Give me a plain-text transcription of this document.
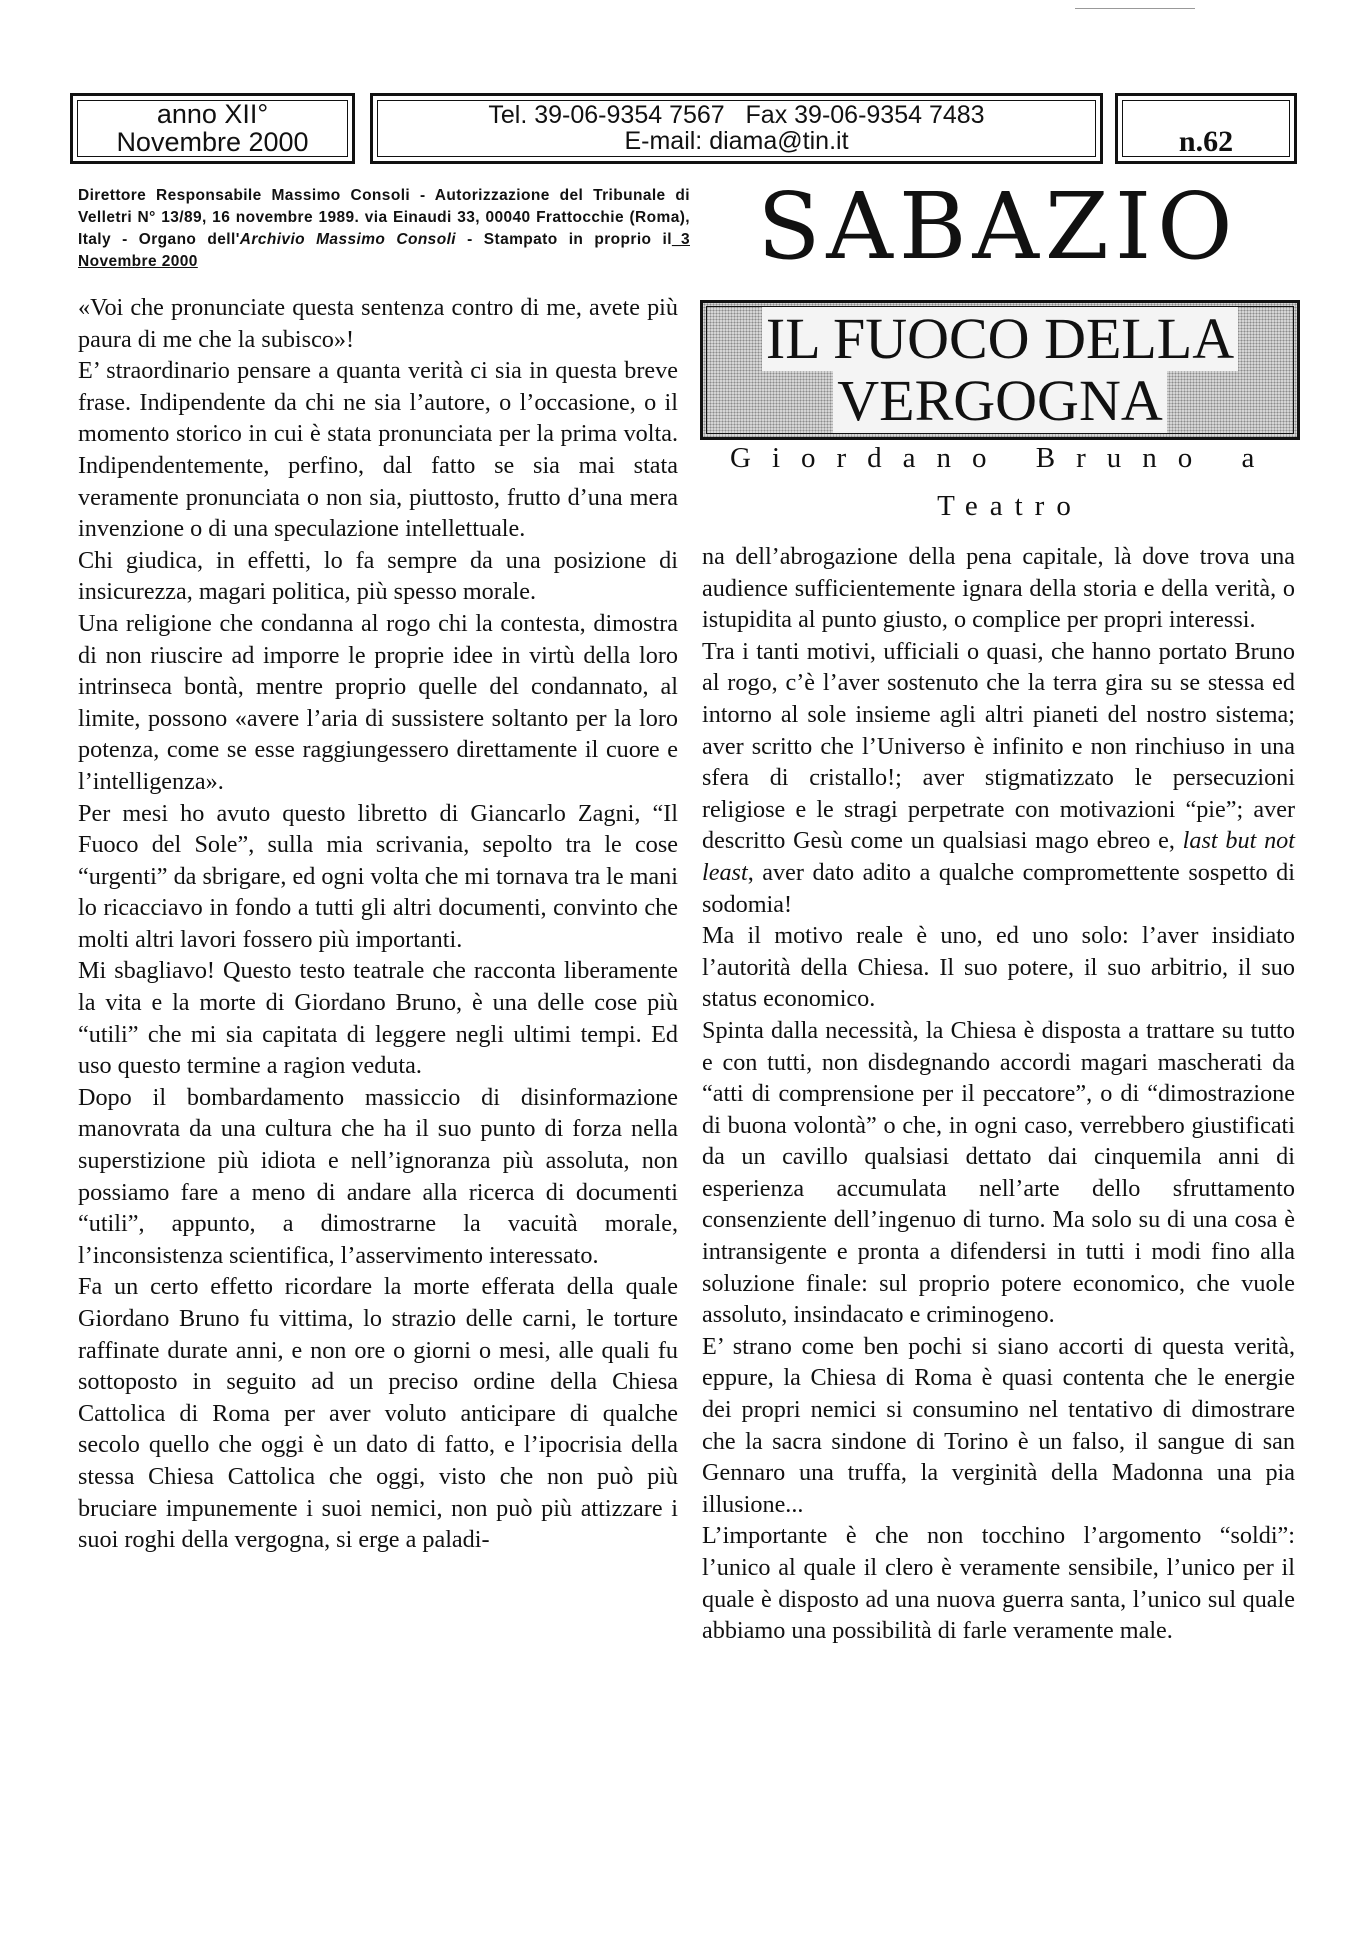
anno XII°
Novembre 2000
Tel. 39-06-9354 7567   Fax 39-06-9354 7483
E-mail: diama@tin.it	n.62
Direttore Responsabile Massimo Consoli - Autorizzazione del Tribunale di Velletri N° 13/89, 16 novembre 1989. via Einaudi 33, 00040 Frattocchie (Roma), Italy - Organo dell'Archivio Massimo Consoli - Stampato in proprio il_3 Novembre 2000	SABAZIO
IL FUOCO DELLA
VERGOGNA
Giordano Bruno a
Teatro

«Voi che pronunciate questa sentenza contro di me, avete più paura di me che la subisco»!

E’ straordinario pensare a quanta verità ci sia in questa breve frase. Indipendente da chi ne sia l’autore, o l’occasione, o il momento storico in cui è stata pronunciata per la prima volta. Indipendentemente, perfino, dal fatto se sia mai stata veramente pronunciata o non sia, piuttosto, frutto d’una mera invenzione o di una speculazione intellettuale.

Chi giudica, in effetti, lo fa sempre da una posizione di insicurezza, magari politica, più spesso morale.

Una religione che condanna al rogo chi la contesta, dimostra di non riuscire ad imporre le proprie idee in virtù della loro intrinseca bontà, mentre proprio quelle del condannato, al limite, possono «avere l’aria di sussistere soltanto per la loro potenza, come se esse raggiungessero direttamente il cuore e l’intelligenza».

Per mesi ho avuto questo libretto di Giancarlo Zagni, “Il Fuoco del Sole”, sulla mia scrivania, sepolto tra le cose “urgenti” da sbrigare, ed ogni volta che mi tornava tra le mani lo ricacciavo in fondo a tutti gli altri documenti, convinto che molti altri lavori fossero più importanti.

Mi sbagliavo! Questo testo teatrale che racconta liberamente la vita e la morte di Giordano Bruno, è una delle cose più “utili” che mi sia capitata di leggere negli ultimi tempi. Ed uso questo termine a ragion veduta.

Dopo il bombardamento massiccio di disinformazione manovrata da una cultura che ha il suo punto di forza nella superstizione più idiota e nell’ignoranza più assoluta, non possiamo fare a meno di andare alla ricerca di documenti “utili”, appunto, a dimostrarne la vacuità morale, l’inconsistenza scientifica, l’asservimento interessato.

Fa un certo effetto ricordare la morte efferata della quale Giordano Bruno fu vittima, lo strazio delle carni, le torture raffinate durate anni, e non ore o giorni o mesi, alle quali fu sottoposto in seguito ad un preciso ordine della Chiesa Cattolica di Roma per aver voluto anticipare di qualche secolo quello che oggi è un dato di fatto, e l’ipocrisia della stessa Chiesa Cattolica che oggi, visto che non può più bruciare impunemente i suoi nemici, non può più attizzare i suoi roghi della vergogna, si erge a paladi-

na dell’abrogazione della pena capitale, là dove trova una audience sufficientemente ignara della storia e della verità, o istupidita al punto giusto, o complice per propri interessi.

Tra i tanti motivi, ufficiali o quasi, che hanno portato Bruno al rogo, c’è l’aver sostenuto che la terra gira su se stessa ed intorno al sole insieme agli altri pianeti del nostro sistema; aver scritto che l’Universo è infinito e non rinchiuso in una sfera di cristallo!; aver stigmatizzato le persecuzioni religiose e le stragi perpetrate con motivazioni “pie”; aver descritto Gesù come un qualsiasi mago ebreo e, last but not least, aver dato adito a qualche compromettente sospetto di sodomia!

Ma il motivo reale è uno, ed uno solo: l’aver insidiato l’autorità della Chiesa. Il suo potere, il suo arbitrio, il suo status economico.

Spinta dalla necessità, la Chiesa è disposta a trattare su tutto e con tutti, non disdegnando accordi magari mascherati da “atti di comprensione per il peccatore”, o di “dimostrazione di buona volontà” o che, in ogni caso, verrebbero giustificati da un cavillo qualsiasi dettato dai cinquemila anni di esperienza accumulata nell’arte dello sfruttamento consenziente dell’ingenuo di turno. Ma solo su di una cosa è intransigente e pronta a difendersi in tutti i modi fino alla soluzione finale: sul proprio potere economico, che vuole assoluto, insindacato e criminogeno.

E’ strano come ben pochi si siano accorti di questa verità, eppure, la Chiesa di Roma è quasi contenta che le energie dei propri nemici si consumino nel tentativo di dimostrare che la sacra sindone di Torino è un falso, il sangue di san Gennaro una truffa, la verginità della Madonna una pia illusione...

L’importante è che non tocchino l’argomento “soldi”: l’unico al quale il clero è veramente sensibile, l’unico per il quale è disposto ad una nuova guerra santa, l’unico sul quale abbiamo una possibilità di farle veramente male.
